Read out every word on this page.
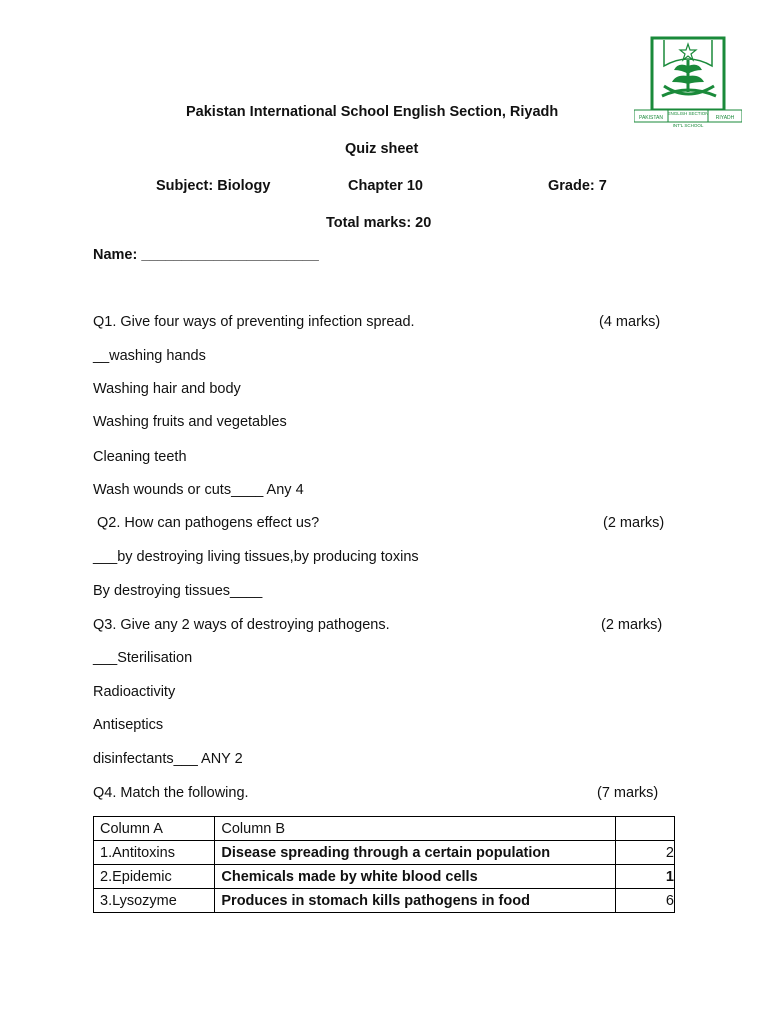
PAKISTAN
ENGLISH SECTION
RIYADH
INT'L SCHOOL
Pakistan International School English Section, Riyadh
Quiz sheet
Subject: Biology	Chapter 10	Grade: 7
Total marks: 20
Name: ______________________
Q1. Give four ways of preventing infection spread.	(4 marks)
__washing hands
Washing hair and body
Washing fruits and vegetables
Cleaning teeth
Wash wounds or cuts____ Any 4
Q2. How can pathogens effect us?	(2 marks)
___by destroying living tissues,by producing toxins
By destroying tissues____
Q3. Give any 2 ways of destroying pathogens.	(2 marks)
___Sterilisation
Radioactivity
Antiseptics
disinfectants___ ANY 2
Q4. Match the following.	(7 marks)
Column A	Column B	
1.Antitoxins	Disease spreading through a certain population	2
2.Epidemic	Chemicals made by white blood cells	1
3.Lysozyme	Produces in stomach kills pathogens in food	6
